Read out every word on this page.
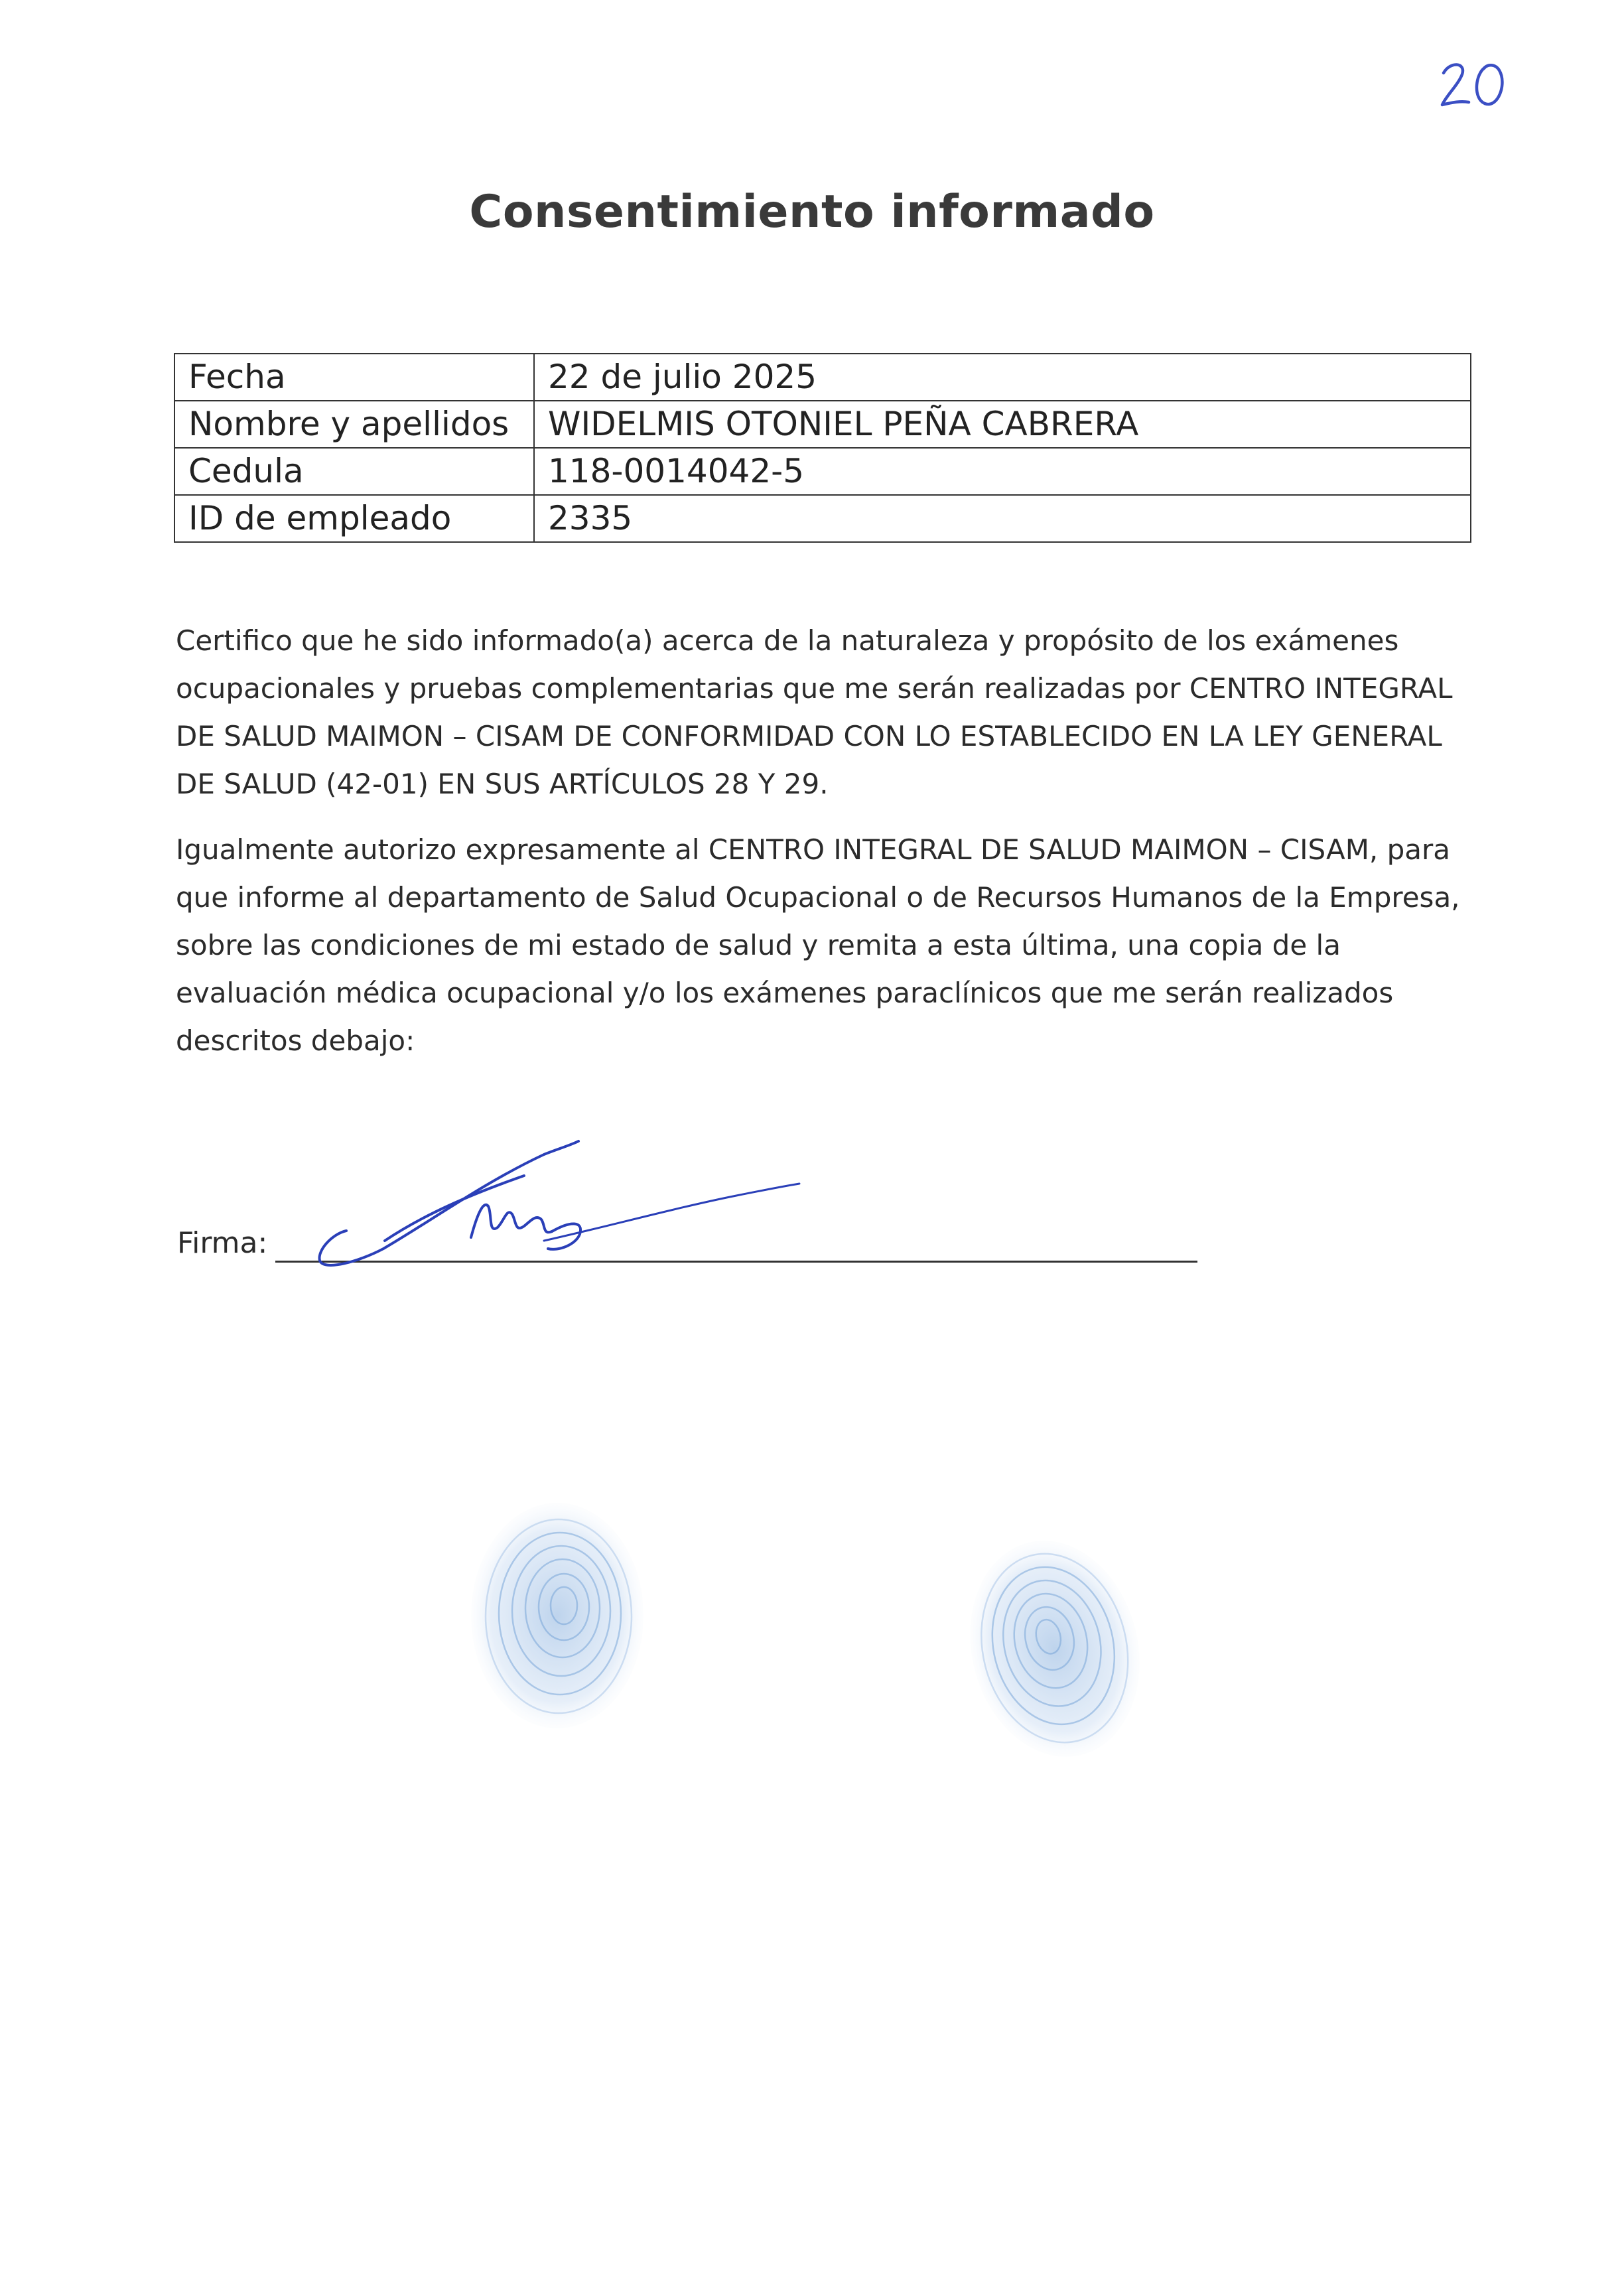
Consentimiento informado
Fecha	22 de julio 2025
Nombre y apellidos	WIDELMIS OTONIEL PEÑA CABRERA
Cedula	118-0014042-5
ID de empleado	2335

Certifico que he sido informado(a) acerca de la naturaleza y propósito de los exámenes ocupacionales y pruebas complementarias que me serán realizadas por CENTRO INTEGRAL DE SALUD MAIMON – CISAM DE CONFORMIDAD CON LO ESTABLECIDO EN LA LEY GENERAL DE SALUD (42-01) EN SUS ARTÍCULOS 28 Y 29.

Igualmente autorizo expresamente al CENTRO INTEGRAL DE SALUD MAIMON – CISAM, para que informe al departamento de Salud Ocupacional o de Recursos Humanos de la Empresa, sobre las condiciones de mi estado de salud y remita a esta última, una copia de la evaluación médica ocupacional y/o los exámenes paraclínicos que me serán realizados descritos debajo:

Firma:
